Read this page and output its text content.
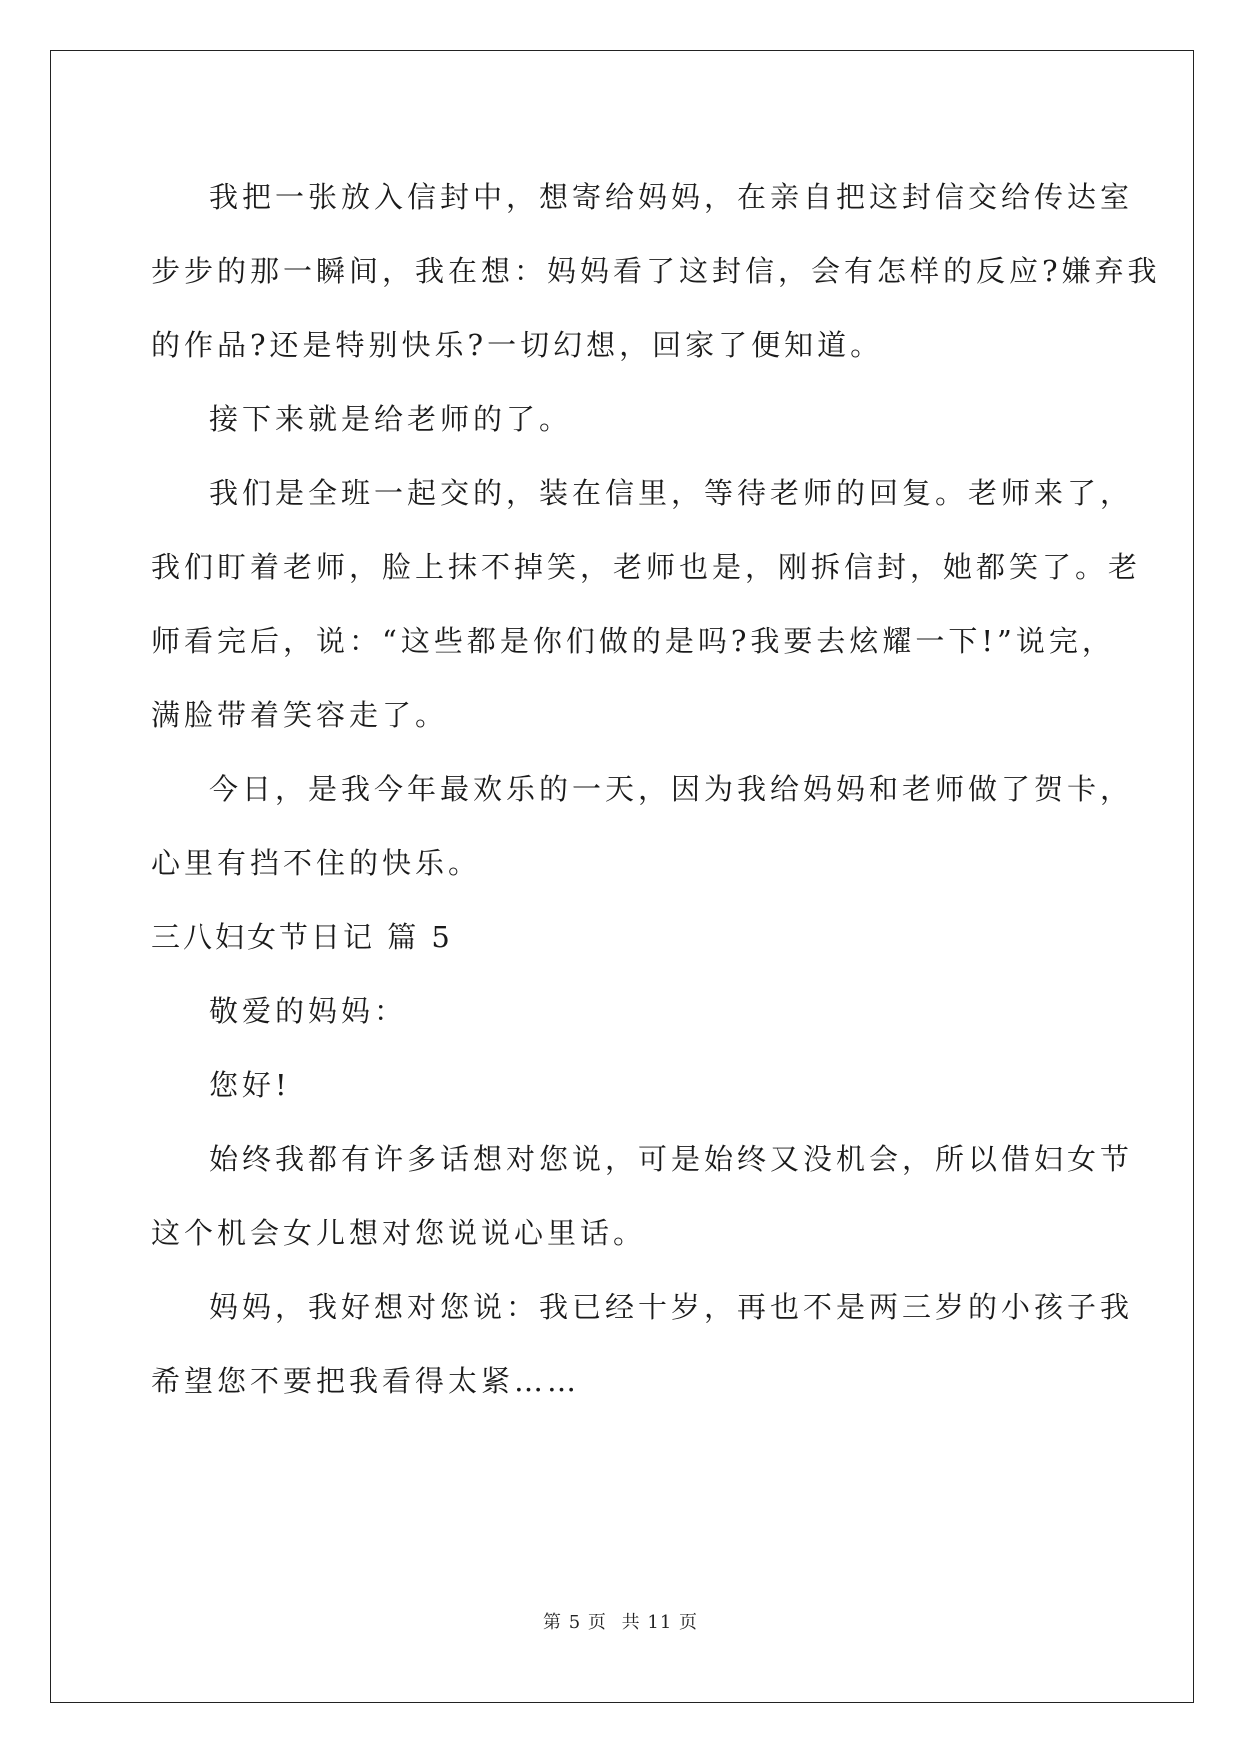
我把一张放入信封中，想寄给妈妈，在亲自把这封信交给传达室
步步的那一瞬间，我在想：妈妈看了这封信，会有怎样的反应?嫌弃我
的作品?还是特别快乐?一切幻想，回家了便知道。

接下来就是给老师的了。

我们是全班一起交的，装在信里，等待老师的回复。老师来了，
我们盯着老师，脸上抹不掉笑，老师也是，刚拆信封，她都笑了。老
师看完后，说：“这些都是你们做的是吗?我要去炫耀一下!”说完，
满脸带着笑容走了。

今日，是我今年最欢乐的一天，因为我给妈妈和老师做了贺卡，
心里有挡不住的快乐。

三八妇女节日记 篇 5

敬爱的妈妈：

您好!

始终我都有许多话想对您说，可是始终又没机会，所以借妇女节
这个机会女儿想对您说说心里话。

妈妈，我好想对您说：我已经十岁，再也不是两三岁的小孩子我
希望您不要把我看得太紧……

第 5 页 共 11 页
